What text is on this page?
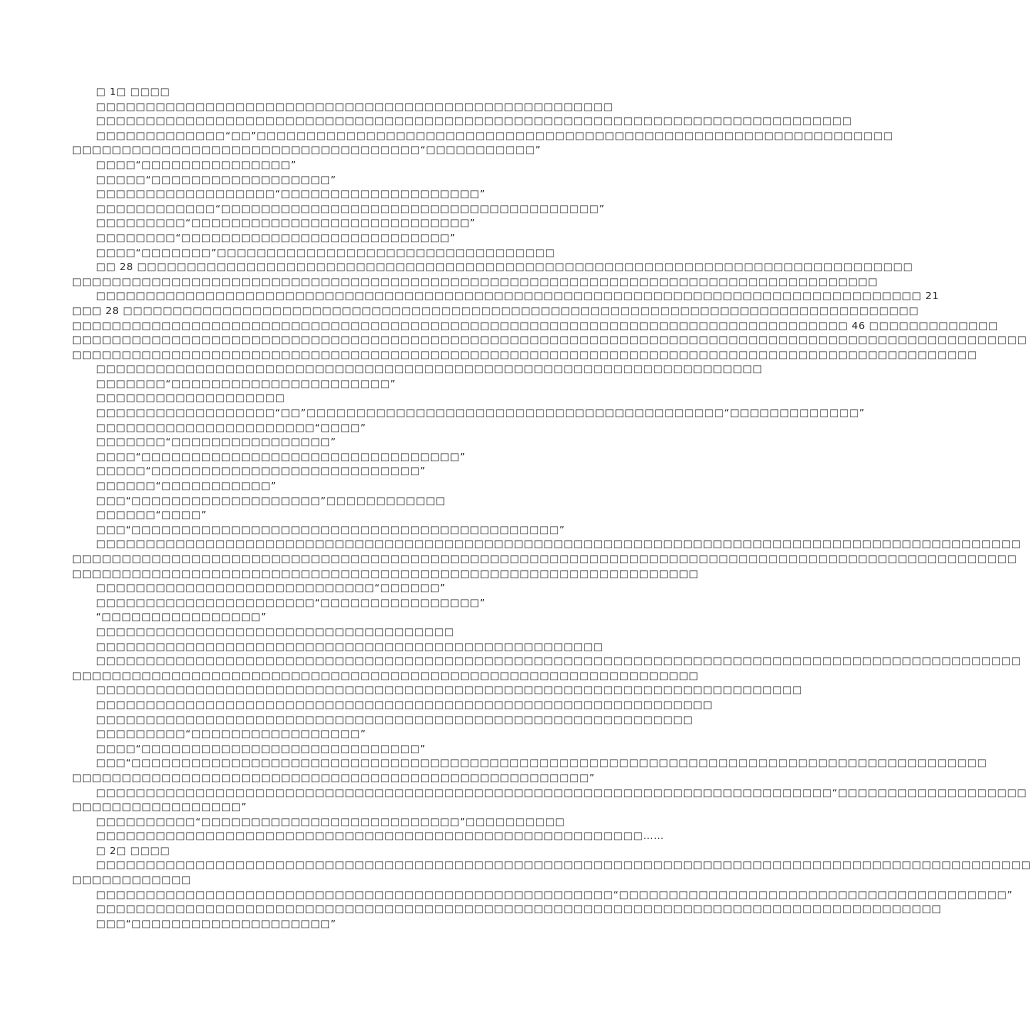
□ 1□ □□□□
□□□□□□□□□□□□□□□□□□□□□□□□□□□□□□□□□□□□□□□□□□□□□□□□□□□□
□□□□□□□□□□□□□□□□□□□□□□□□□□□□□□□□□□□□□□□□□□□□□□□□□□□□□□□□□□□□□□□□□□□□□□□□□□□□
□□□□□□□□□□□□□“□□”□□□□□□□□□□□□□□□□□□□□□□□□□□□□□□□□□□□□□□□□□□□□□□□□□□□□□□□□□□□□□□□□
□□□□□□□□□□□□□□□□□□□□□□□□□□□□□□□□□□□“□□□□□□□□□□□”
□□□□“□□□□□□□□□□□□□□□”
□□□□□“□□□□□□□□□□□□□□□□□□”
□□□□□□□□□□□□□□□□□□“□□□□□□□□□□□□□□□□□□□□”
□□□□□□□□□□□□“□□□□□□□□□□□□□□□□□□□□□□□□□□□□□□□□□□□□□□”
□□□□□□□□□“□□□□□□□□□□□□□□□□□□□□□□□□□□□□”
□□□□□□□□“□□□□□□□□□□□□□□□□□□□□□□□□□□□”
□□□□“□□□□□□□”□□□□□□□□□□□□□□□□□□□□□□□□□□□□□□□□□□
□□ 28 □□□□□□□□□□□□□□□□□□□□□□□□□□□□□□□□□□□□□□□□□□□□□□□□□□□□□□□□□□□□□□□□□□□□□□□□□□□□□□
□□□□□□□□□□□□□□□□□□□□□□□□□□□□□□□□□□□□□□□□□□□□□□□□□□□□□□□□□□□□□□□□□□□□□□□□□□□□□□□□□
□□□□□□□□□□□□□□□□□□□□□□□□□□□□□□□□□□□□□□□□□□□□□□□□□□□□□□□□□□□□□□□□□□□□□□□□□□□□□□□□□□□ 21
□□□ 28 □□□□□□□□□□□□□□□□□□□□□□□□□□□□□□□□□□□□□□□□□□□□□□□□□□□□□□□□□□□□□□□□□□□□□□□□□□□□□□□□
□□□□□□□□□□□□□□□□□□□□□□□□□□□□□□□□□□□□□□□□□□□□□□□□□□□□□□□□□□□□□□□□□□□□□□□□□□□□□□ 46 □□□□□□□□□□□□□
□□□□□□□□□□□□□□□□□□□□□□□□□□□□□□□□□□□□□□□□□□□□□□□□□□□□□□□□□□□□□□□□□□□□□□□□□□□□□□□□□□□□□□□□□□□□□□□□
□□□□□□□□□□□□□□□□□□□□□□□□□□□□□□□□□□□□□□□□□□□□□□□□□□□□□□□□□□□□□□□□□□□□□□□□□□□□□□□□□□□□□□□□□□□
□□□□□□□□□□□□□□□□□□□□□□□□□□□□□□□□□□□□□□□□□□□□□□□□□□□□□□□□□□□□□□□□□□□
□□□□□□□“□□□□□□□□□□□□□□□□□□□□□□”
□□□□□□□□□□□□□□□□□□□
□□□□□□□□□□□□□□□□□□“□□”□□□□□□□□□□□□□□□□□□□□□□□□□□□□□□□□□□□□□□□□□□“□□□□□□□□□□□□□”
□□□□□□□□□□□□□□□□□□□□□□“□□□□”
□□□□□□□“□□□□□□□□□□□□□□□□”
□□□□“□□□□□□□□□□□□□□□□□□□□□□□□□□□□□□□□”
□□□□□“□□□□□□□□□□□□□□□□□□□□□□□□□□□”
□□□□□□“□□□□□□□□□□□”
□□□“□□□□□□□□□□□□□□□□□□□”□□□□□□□□□□□□
□□□□□□“□□□□”
□□□“□□□□□□□□□□□□□□□□□□□□□□□□□□□□□□□□□□□□□□□□□□□”
□□□□□□□□□□□□□□□□□□□□□□□□□□□□□□□□□□□□□□□□□□□□□□□□□□□□□□□□□□□□□□□□□□□□□□□□□□□□□□□□□□□□□□□□□□□□□
□□□□□□□□□□□□□□□□□□□□□□□□□□□□□□□□□□□□□□□□□□□□□□□□□□□□□□□□□□□□□□□□□□□□□□□□□□□□□□□□□□□□□□□□□□□□□□□
□□□□□□□□□□□□□□□□□□□□□□□□□□□□□□□□□□□□□□□□□□□□□□□□□□□□□□□□□□□□□□□
□□□□□□□□□□□□□□□□□□□□□□□□□□□□“□□□□□□”
□□□□□□□□□□□□□□□□□□□□□□“□□□□□□□□□□□□□□□□”
“□□□□□□□□□□□□□□□□”
□□□□□□□□□□□□□□□□□□□□□□□□□□□□□□□□□□□□
□□□□□□□□□□□□□□□□□□□□□□□□□□□□□□□□□□□□□□□□□□□□□□□□□□□
□□□□□□□□□□□□□□□□□□□□□□□□□□□□□□□□□□□□□□□□□□□□□□□□□□□□□□□□□□□□□□□□□□□□□□□□□□□□□□□□□□□□□□□□□□□□□
□□□□□□□□□□□□□□□□□□□□□□□□□□□□□□□□□□□□□□□□□□□□□□□□□□□□□□□□□□□□□□□
□□□□□□□□□□□□□□□□□□□□□□□□□□□□□□□□□□□□□□□□□□□□□□□□□□□□□□□□□□□□□□□□□□□□□□□
□□□□□□□□□□□□□□□□□□□□□□□□□□□□□□□□□□□□□□□□□□□□□□□□□□□□□□□□□□□□□□
□□□□□□□□□□□□□□□□□□□□□□□□□□□□□□□□□□□□□□□□□□□□□□□□□□□□□□□□□□□□
□□□□□□□□□“□□□□□□□□□□□□□□□□□”
□□□□“□□□□□□□□□□□□□□□□□□□□□□□□□□□□”
□□□“□□□□□□□□□□□□□□□□□□□□□□□□□□□□□□□□□□□□□□□□□□□□□□□□□□□□□□□□□□□□□□□□□□□□□□□□□□□□□□□□□□□□□□
□□□□□□□□□□□□□□□□□□□□□□□□□□□□□□□□□□□□□□□□□□□□□□□□□□□□”
□□□□□□□□□□□□□□□□□□□□□□□□□□□□□□□□□□□□□□□□□□□□□□□□□□□□□□□□□□□□□□□□□□□□□□□□□□“□□□□□□□□□□□□□□□□□□□
□□□□□□□□□□□□□□□□□”
□□□□□□□□□□“□□□□□□□□□□□□□□□□□□□□□□□□□□”□□□□□□□□□□
□□□□□□□□□□□□□□□□□□□□□□□□□□□□□□□□□□□□□□□□□□□□□□□□□□□□□□□……
□ 2□ □□□□
□□□□□□□□□□□□□□□□□□□□□□□□□□□□□□□□□□□□□□□□□□□□□□□□□□□□□□□□□□□□□□□□□□□□□□□□□□□□□□□□□□□□□□□□□□□□□□
□□□□□□□□□□□□
□□□□□□□□□□□□□□□□□□□□□□□□□□□□□□□□□□□□□□□□□□□□□□□□□□□□“□□□□□□□□□□□□□□□□□□□□□□□□□□□□□□□□□□□□□□□”
□□□□□□□□□□□□□□□□□□□□□□□□□□□□□□□□□□□□□□□□□□□□□□□□□□□□□□□□□□□□□□□□□□□□□□□□□□□□□□□□□□□□□
□□□“□□□□□□□□□□□□□□□□□□□□”
